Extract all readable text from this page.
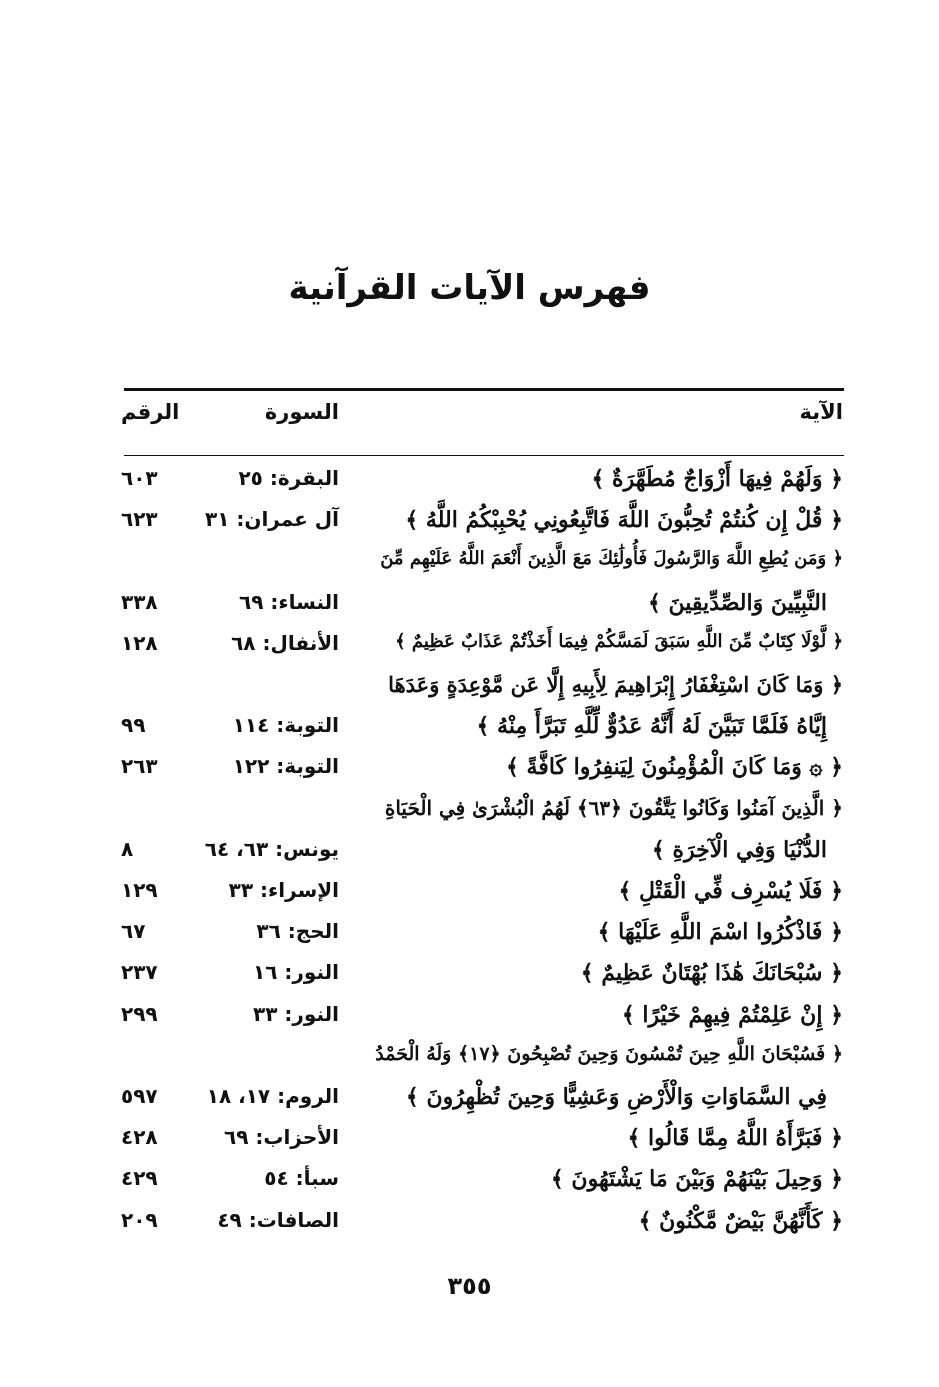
فهرس الآيات القرآنية
الآية
السورة
الرقم
﴿ وَلَهُمْ فِيهَا أَزْوَاجٌ مُطَهَّرَةٌ ﴾
البقرة: ٢٥
٦٠٣
﴿ قُلْ إِن كُنتُمْ تُحِبُّونَ اللَّهَ فَاتَّبِعُونِي يُحْبِبْكُمُ اللَّهُ ﴾
آل عمران: ٣١
٦٢٣
﴿ وَمَن يُطِعِ اللَّهَ وَالرَّسُولَ فَأُولَٰئِكَ مَعَ الَّذِينَ أَنْعَمَ اللَّهُ عَلَيْهِم مِّنَ
النَّبِيِّينَ وَالصِّدِّيقِينَ ﴾
النساء: ٦٩
٣٣٨
﴿ لَّوْلَا كِتَابٌ مِّنَ اللَّهِ سَبَقَ لَمَسَّكُمْ فِيمَا أَخَذْتُمْ عَذَابٌ عَظِيمٌ ﴾
الأنفال: ٦٨
١٢٨
﴿ وَمَا كَانَ اسْتِغْفَارُ إِبْرَاهِيمَ لِأَبِيهِ إِلَّا عَن مَّوْعِدَةٍ وَعَدَهَا
إِيَّاهُ فَلَمَّا تَبَيَّنَ لَهُ أَنَّهُ عَدُوٌّ لِّلَّهِ تَبَرَّأَ مِنْهُ ﴾
التوبة: ١١٤
٩٩
﴿ ۞ وَمَا كَانَ الْمُؤْمِنُونَ لِيَنفِرُوا كَافَّةً ﴾
التوبة: ١٢٢
٢٦٣
﴿ الَّذِينَ آمَنُوا وَكَانُوا يَتَّقُونَ ﴿٦٣﴾ لَهُمُ الْبُشْرَىٰ فِي الْحَيَاةِ
الدُّنْيَا وَفِي الْآخِرَةِ ﴾
يونس: ٦٣، ٦٤
٨
﴿ فَلَا يُسْرِف فِّي الْقَتْلِ ﴾
الإسراء: ٣٣
١٢٩
﴿ فَاذْكُرُوا اسْمَ اللَّهِ عَلَيْهَا ﴾
الحج: ٣٦
٦٧
﴿ سُبْحَانَكَ هَٰذَا بُهْتَانٌ عَظِيمٌ ﴾
النور: ١٦
٢٣٧
﴿ إِنْ عَلِمْتُمْ فِيهِمْ خَيْرًا ﴾
النور: ٣٣
٢٩٩
﴿ فَسُبْحَانَ اللَّهِ حِينَ تُمْسُونَ وَحِينَ تُصْبِحُونَ ﴿١٧﴾ وَلَهُ الْحَمْدُ
فِي السَّمَاوَاتِ وَالْأَرْضِ وَعَشِيًّا وَحِينَ تُظْهِرُونَ ﴾
الروم: ١٧، ١٨
٥٩٧
﴿ فَبَرَّأَهُ اللَّهُ مِمَّا قَالُوا ﴾
الأحزاب: ٦٩
٤٢٨
﴿ وَحِيلَ بَيْنَهُمْ وَبَيْنَ مَا يَشْتَهُونَ ﴾
سبأ: ٥٤
٤٢٩
﴿ كَأَنَّهُنَّ بَيْضٌ مَّكْنُونٌ ﴾
الصافات: ٤٩
٢٠٩
٣٥٥
